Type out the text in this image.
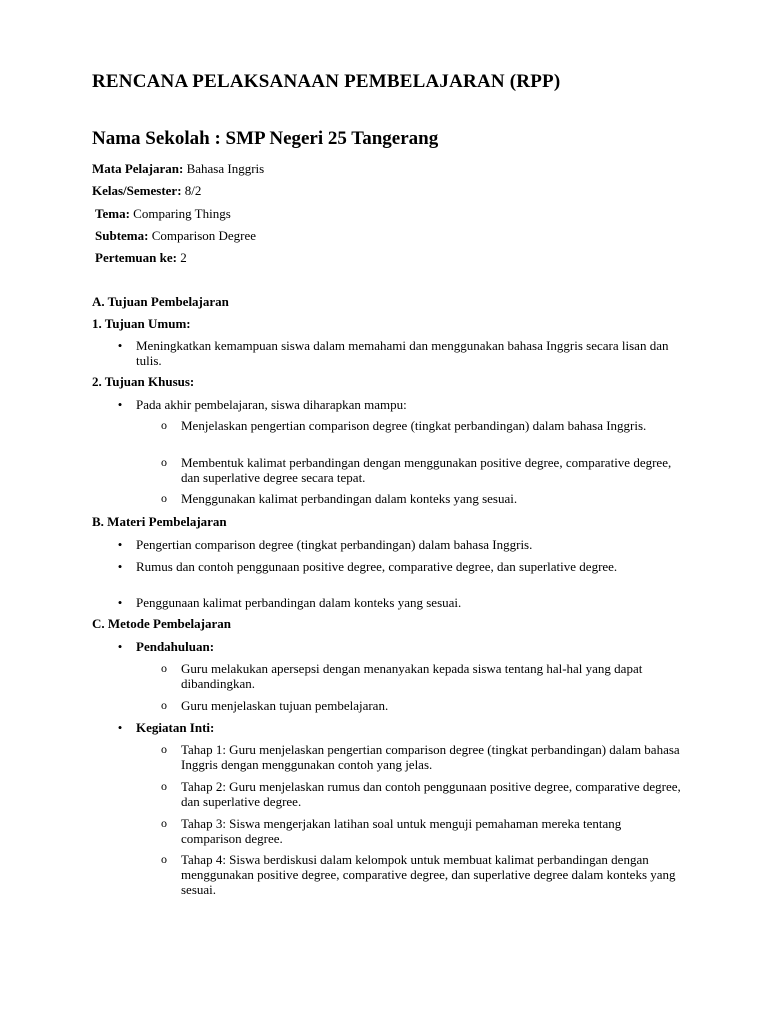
RENCANA PELAKSANAAN PEMBELAJARAN (RPP)
Nama Sekolah : SMP Negeri 25 Tangerang
Mata Pelajaran: Bahasa Inggris
Kelas/Semester: 8/2
Tema: Comparing Things
Subtema: Comparison Degree
Pertemuan ke: 2
A. Tujuan Pembelajaran
1. Tujuan Umum:
•	Meningkatkan kemampuan siswa dalam memahami dan menggunakan bahasa Inggris secara lisan dan tulis.
2. Tujuan Khusus:
•	Pada akhir pembelajaran, siswa diharapkan mampu:
o Menjelaskan pengertian comparison degree (tingkat perbandingan) dalam bahasa Inggris.
o Membentuk kalimat perbandingan dengan menggunakan positive degree, comparative degree, dan superlative degree secara tepat.
o Menggunakan kalimat perbandingan dalam konteks yang sesuai.
B. Materi Pembelajaran
•	Pengertian comparison degree (tingkat perbandingan) dalam bahasa Inggris.
•	Rumus dan contoh penggunaan positive degree, comparative degree, dan superlative degree.
•	Penggunaan kalimat perbandingan dalam konteks yang sesuai.
C. Metode Pembelajaran
•	Pendahuluan:
o Guru melakukan apersepsi dengan menanyakan kepada siswa tentang hal-hal yang dapat dibandingkan.
o Guru menjelaskan tujuan pembelajaran.
•	Kegiatan Inti:
o Tahap 1: Guru menjelaskan pengertian comparison degree (tingkat perbandingan) dalam bahasa Inggris dengan menggunakan contoh yang jelas.
o Tahap 2: Guru menjelaskan rumus dan contoh penggunaan positive degree, comparative degree, dan superlative degree.
o Tahap 3: Siswa mengerjakan latihan soal untuk menguji pemahaman mereka tentang comparison degree.
o Tahap 4: Siswa berdiskusi dalam kelompok untuk membuat kalimat perbandingan dengan menggunakan positive degree, comparative degree, dan superlative degree dalam konteks yang sesuai.
